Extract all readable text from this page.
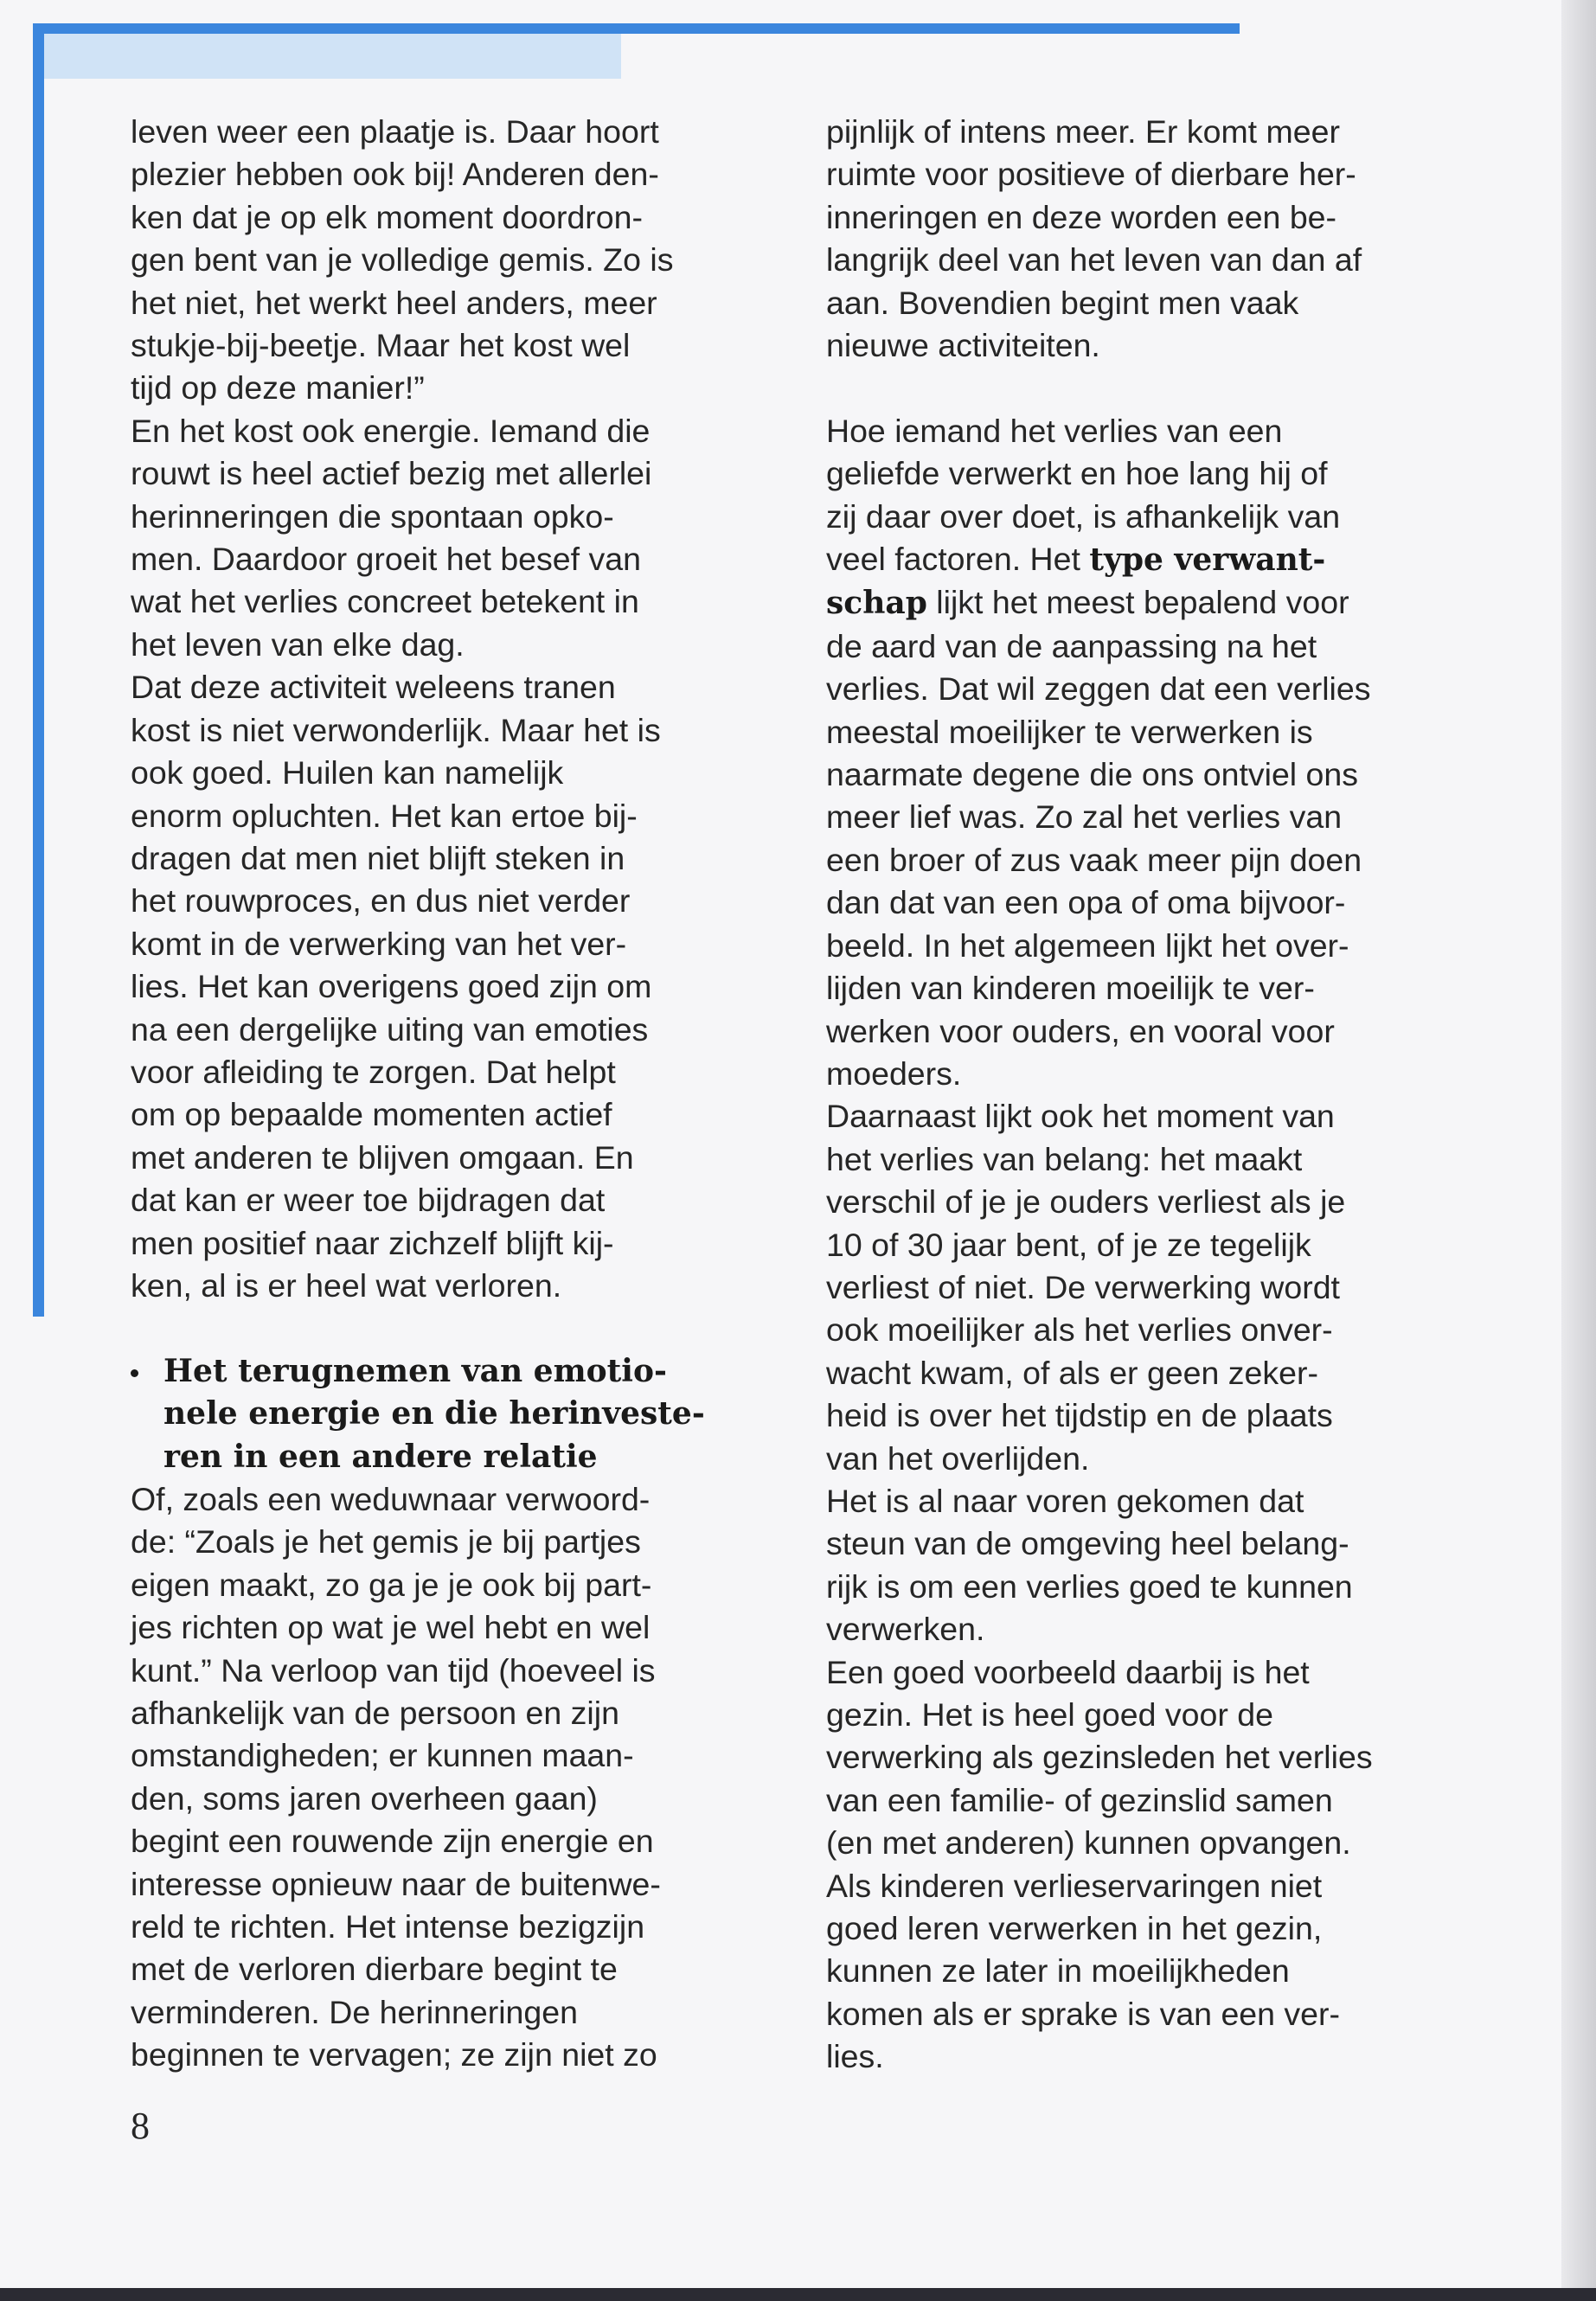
leven weer een plaatje is. Daar hoort
plezier hebben ook bij! Anderen den-
ken dat je op elk moment doordron-
gen bent van je volledige gemis. Zo is
het niet, het werkt heel anders, meer
stukje-bij-beetje. Maar het kost wel
tijd op deze manier!”
En het kost ook energie. Iemand die
rouwt is heel actief bezig met allerlei
herinneringen die spontaan opko-
men. Daardoor groeit het besef van
wat het verlies concreet betekent in
het leven van elke dag.
Dat deze activiteit weleens tranen
kost is niet verwonderlijk. Maar het is
ook goed. Huilen kan namelijk
enorm opluchten. Het kan ertoe bij-
dragen dat men niet blijft steken in
het rouwproces, en dus niet verder
komt in de verwerking van het ver-
lies. Het kan overigens goed zijn om
na een dergelijke uiting van emoties
voor afleiding te zorgen. Dat helpt
om op bepaalde momenten actief
met anderen te blijven omgaan. En
dat kan er weer toe bijdragen dat
men positief naar zichzelf blijft kij-
ken, al is er heel wat verloren.
Het terugnemen van emotio-
nele energie en die herinveste-
ren in een andere relatie
Of, zoals een weduwnaar verwoord-
de: “Zoals je het gemis je bij partjes
eigen maakt, zo ga je je ook bij part-
jes richten op wat je wel hebt en wel
kunt.” Na verloop van tijd (hoeveel is
afhankelijk van de persoon en zijn
omstandigheden; er kunnen maan-
den, soms jaren overheen gaan)
begint een rouwende zijn energie en
interesse opnieuw naar de buitenwe-
reld te richten. Het intense bezigzijn
met de verloren dierbare begint te
verminderen. De herinneringen
beginnen te vervagen; ze zijn niet zo
pijnlijk of intens meer. Er komt meer
ruimte voor positieve of dierbare her-
inneringen en deze worden een be-
langrijk deel van het leven van dan af
aan. Bovendien begint men vaak
nieuwe activiteiten.
Hoe iemand het verlies van een
geliefde verwerkt en hoe lang hij of
zij daar over doet, is afhankelijk van
veel factoren. Het type verwant-
schap lijkt het meest bepalend voor
de aard van de aanpassing na het
verlies. Dat wil zeggen dat een verlies
meestal moeilijker te verwerken is
naarmate degene die ons ontviel ons
meer lief was. Zo zal het verlies van
een broer of zus vaak meer pijn doen
dan dat van een opa of oma bijvoor-
beeld. In het algemeen lijkt het over-
lijden van kinderen moeilijk te ver-
werken voor ouders, en vooral voor
moeders.
Daarnaast lijkt ook het moment van
het verlies van belang: het maakt
verschil of je je ouders verliest als je
10 of 30 jaar bent, of je ze tegelijk
verliest of niet. De verwerking wordt
ook moeilijker als het verlies onver-
wacht kwam, of als er geen zeker-
heid is over het tijdstip en de plaats
van het overlijden.
Het is al naar voren gekomen dat
steun van de omgeving heel belang-
rijk is om een verlies goed te kunnen
verwerken.
Een goed voorbeeld daarbij is het
gezin. Het is heel goed voor de
verwerking als gezinsleden het verlies
van een familie- of gezinslid samen
(en met anderen) kunnen opvangen.
Als kinderen verlieservaringen niet
goed leren verwerken in het gezin,
kunnen ze later in moeilijkheden
komen als er sprake is van een ver-
lies.
8
